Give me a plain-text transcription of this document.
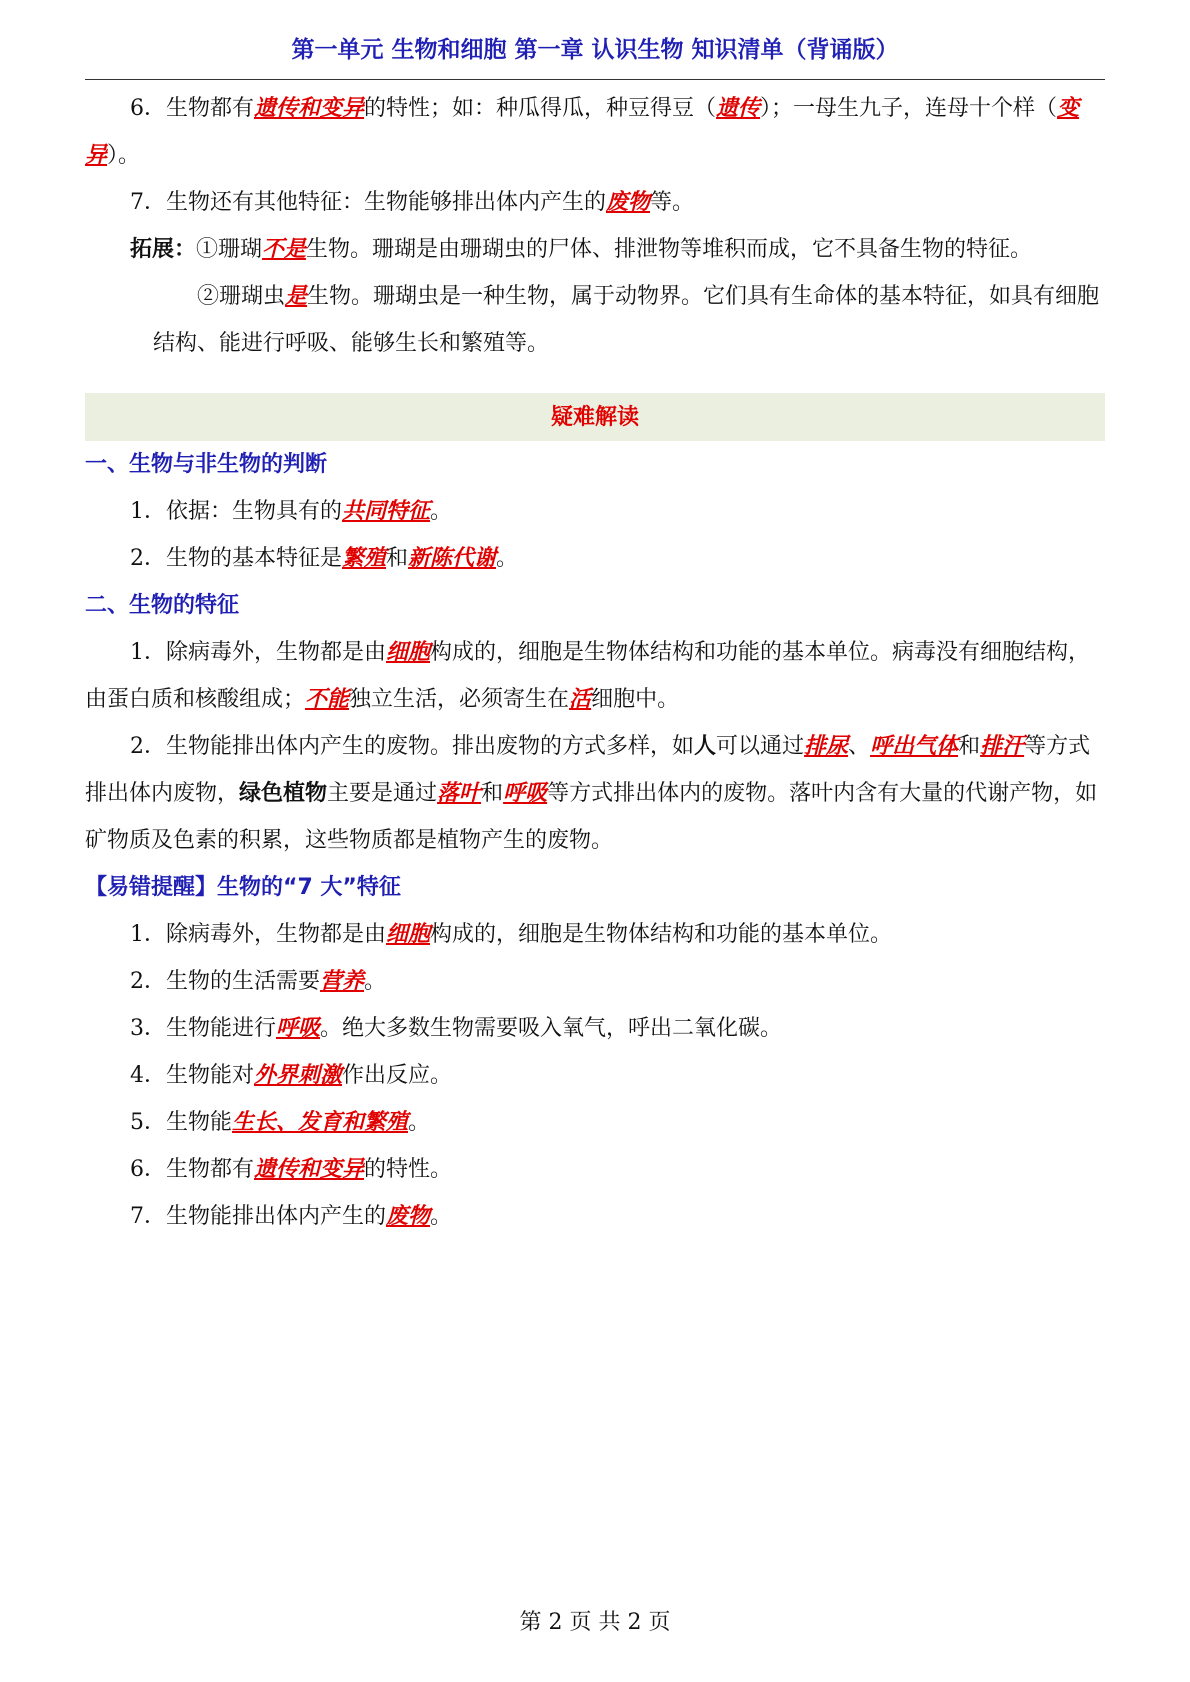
第一单元 生物和细胞 第一章 认识生物 知识清单（背诵版）

6．生物都有遗传和变异的特性；如：种瓜得瓜，种豆得豆（遗传）；一母生九子，连母十个样（变异）。

7．生物还有其他特征：生物能够排出体内产生的废物等。

拓展：①珊瑚不是生物。珊瑚是由珊瑚虫的尸体、排泄物等堆积而成，它不具备生物的特征。

②珊瑚虫是生物。珊瑚虫是一种生物，属于动物界。它们具有生命体的基本特征，如具有细胞结构、能进行呼吸、能够生长和繁殖等。

疑难解读
一、生物与非生物的判断

1．依据：生物具有的共同特征。

2．生物的基本特征是繁殖和新陈代谢。

二、生物的特征

1．除病毒外，生物都是由细胞构成的，细胞是生物体结构和功能的基本单位。病毒没有细胞结构，由蛋白质和核酸组成；不能独立生活，必须寄生在活细胞中。

2．生物能排出体内产生的废物。排出废物的方式多样，如人可以通过排尿、呼出气体和排汗等方式排出体内废物，绿色植物主要是通过落叶和呼吸等方式排出体内的废物。落叶内含有大量的代谢产物，如矿物质及色素的积累，这些物质都是植物产生的废物。

【易错提醒】生物的“7 大”特征

1．除病毒外，生物都是由细胞构成的，细胞是生物体结构和功能的基本单位。

2．生物的生活需要营养。

3．生物能进行呼吸。绝大多数生物需要吸入氧气，呼出二氧化碳。

4．生物能对外界刺激作出反应。

5．生物能生长、发育和繁殖。

6．生物都有遗传和变异的特性。

7．生物能排出体内产生的废物。

第 2 页 共 2 页
